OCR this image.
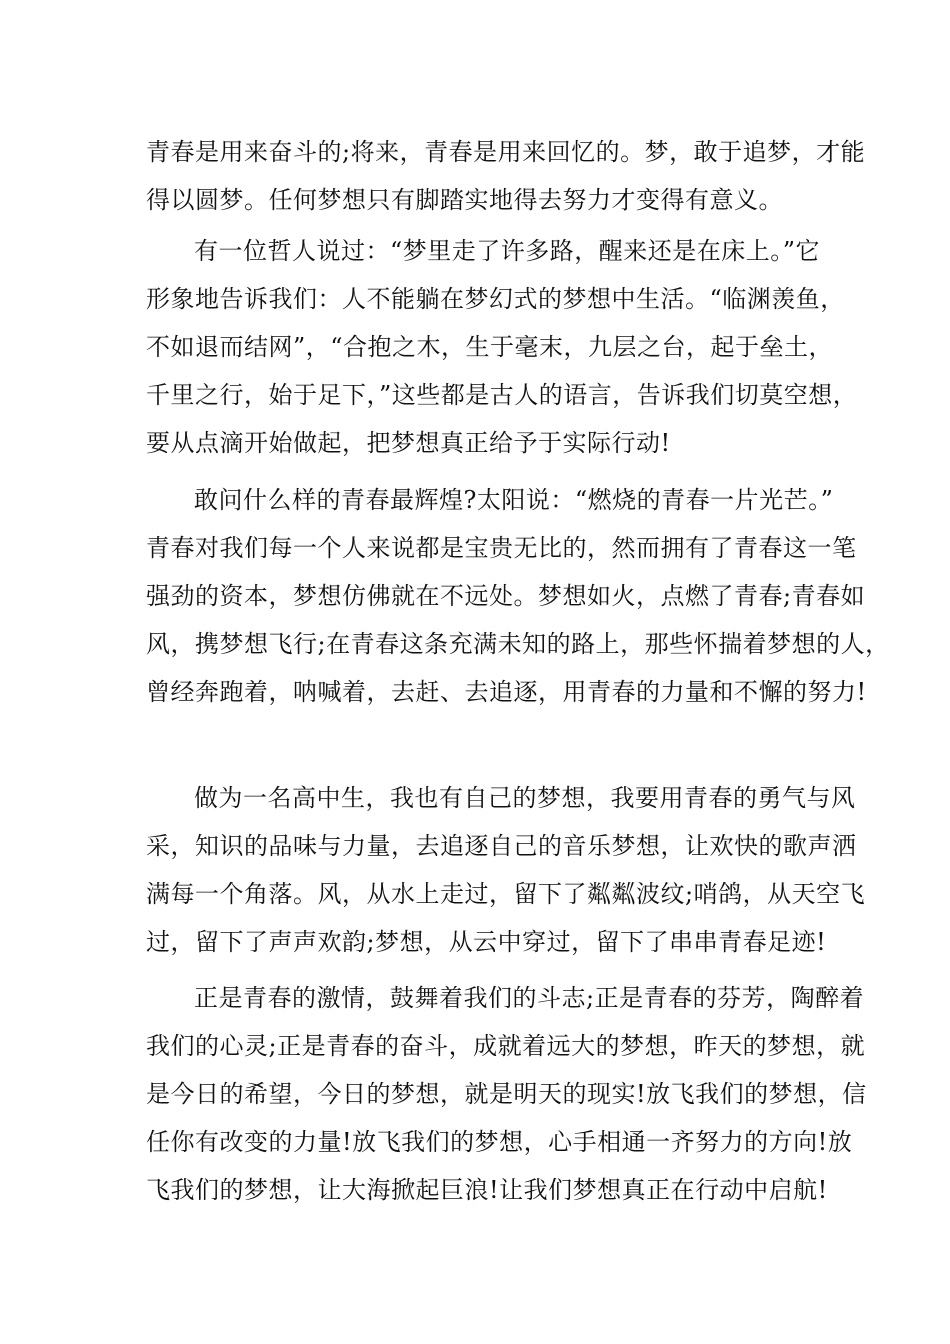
青春是用来奋斗的;将来，青春是用来回忆的。梦，敢于追梦，才能
得以圆梦。任何梦想只有脚踏实地得去努力才变得有意义。

有一位哲人说过：“梦里走了许多路，醒来还是在床上。”它
形象地告诉我们：人不能躺在梦幻式的梦想中生活。“临渊羡鱼，
不如退而结网”，“合抱之木，生于毫末，九层之台，起于垒土，
千里之行，始于足下，”这些都是古人的语言，告诉我们切莫空想，
要从点滴开始做起，把梦想真正给予于实际行动!

敢问什么样的青春最辉煌?太阳说：“燃烧的青春一片光芒。”
青春对我们每一个人来说都是宝贵无比的，然而拥有了青春这一笔
强劲的资本，梦想仿佛就在不远处。梦想如火，点燃了青春;青春如
风，携梦想飞行;在青春这条充满未知的路上，那些怀揣着梦想的人，
曾经奔跑着，呐喊着，去赶、去追逐，用青春的力量和不懈的努力!

做为一名高中生，我也有自己的梦想，我要用青春的勇气与风
采，知识的品味与力量，去追逐自己的音乐梦想，让欢快的歌声洒
满每一个角落。风，从水上走过，留下了粼粼波纹;哨鸽，从天空飞
过，留下了声声欢韵;梦想，从云中穿过，留下了串串青春足迹!

正是青春的激情，鼓舞着我们的斗志;正是青春的芬芳，陶醉着
我们的心灵;正是青春的奋斗，成就着远大的梦想，昨天的梦想，就
是今日的希望，今日的梦想，就是明天的现实!放飞我们的梦想，信
任你有改变的力量!放飞我们的梦想，心手相通一齐努力的方向!放
飞我们的梦想，让大海掀起巨浪!让我们梦想真正在行动中启航!
